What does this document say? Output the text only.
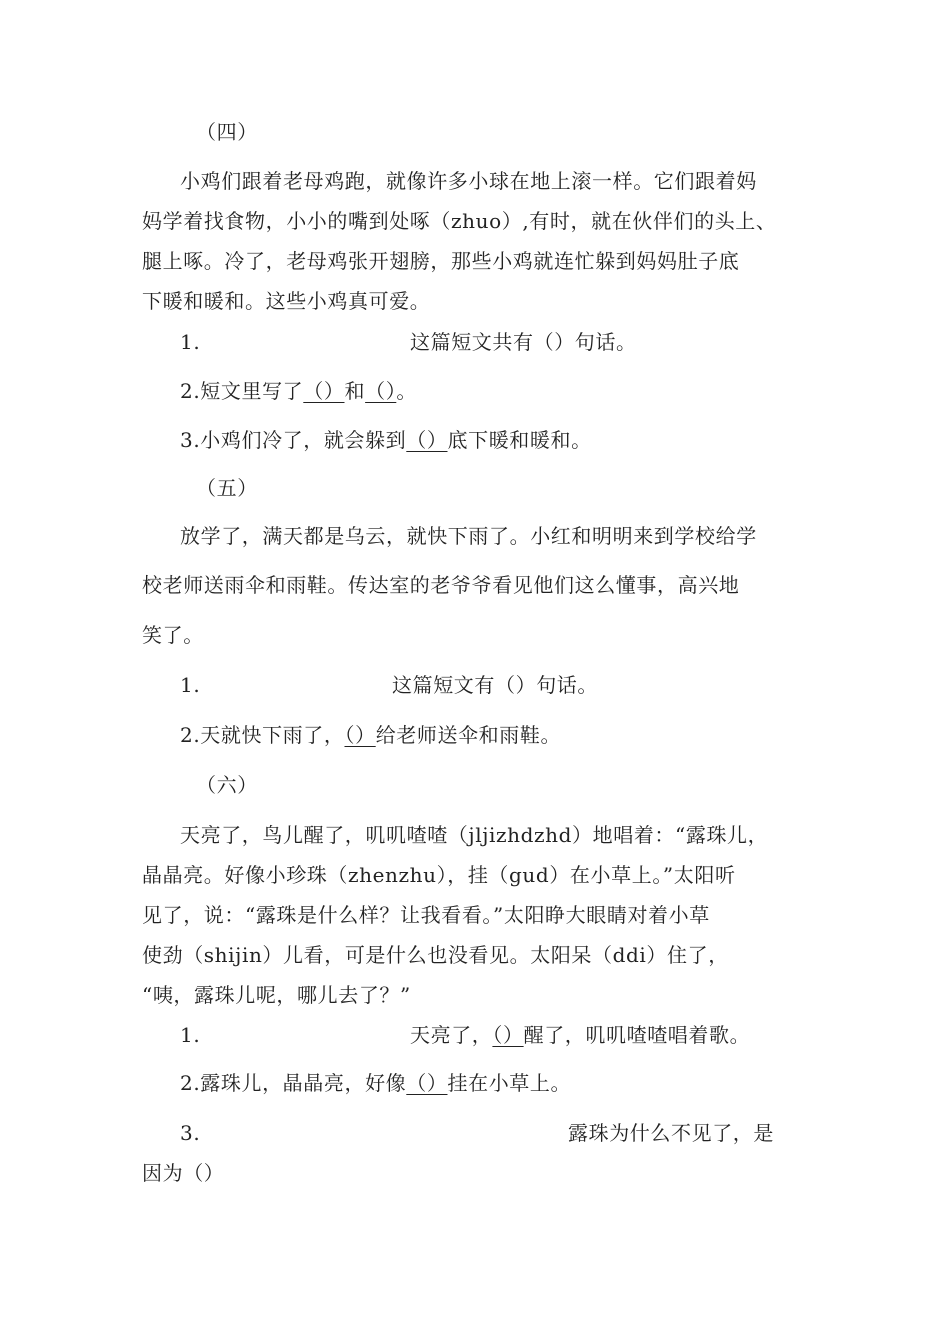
（四）
小鸡们跟着老母鸡跑，就像许多小球在地上滚一样。它们跟着妈
妈学着找食物，小小的嘴到处啄（zhuo）,有时，就在伙伴们的头上、
腿上啄。冷了，老母鸡张开翅膀，那些小鸡就连忙躲到妈妈肚子底
下暖和暖和。这些小鸡真可爱。
1.	这篇短文共有（）句话。
2.短文里写了（）和（）。
3.小鸡们冷了，就会躲到（）底下暖和暖和。
（五）
放学了，满天都是乌云，就快下雨了。小红和明明来到学校给学
校老师送雨伞和雨鞋。传达室的老爷爷看见他们这么懂事，高兴地
笑了。
1.	这篇短文有（）句话。
2.天就快下雨了，（）给老师送伞和雨鞋。
（六）
天亮了，鸟儿醒了，叽叽喳喳（jljizhdzhd）地唱着：“露珠儿，
晶晶亮。好像小珍珠（zhenzhu），挂（gud）在小草上。”太阳听
见了，说：“露珠是什么样？让我看看。”太阳睁大眼睛对着小草
使劲（shijin）儿看，可是什么也没看见。太阳呆（ddi）住了，
“咦，露珠儿呢，哪儿去了？”
1.	天亮了，（）醒了，叽叽喳喳唱着歌。
2.露珠儿，晶晶亮，好像（）挂在小草上。
3.	露珠为什么不见了，是
因为（）
